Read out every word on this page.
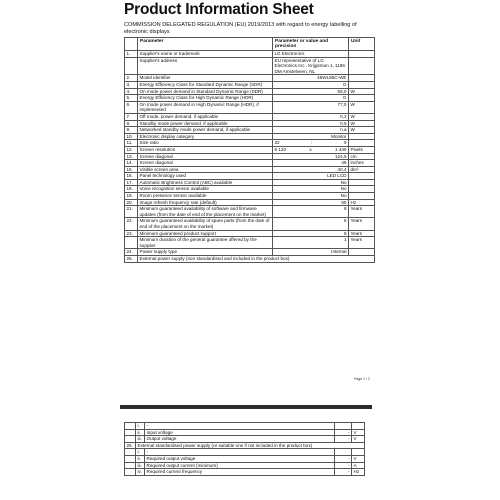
Product Information Sheet
COMMISSION DELEGATED REGULATION (EU) 2019/2013 with regard to energy labelling of electronic displays
	Parameter	Parameter or value and precision	Unit
1.	Supplier's name or trademark	LG Electronics	
	Supplier's address	EU representative of LG Electronics Inc., Krijgsman 1, 1186 DM Amstelveen, NL	
2.	Model identifier	45WL95C-WE	
3.	Energy Efficiency Class for Standard Dynamic Range (SDR)	G	
4.	On mode power demand in Standard Dynamic Range (SDR)	55,0	W
5.	Energy Efficiency Class for High Dynamic Range (HDR)	G	
6.	On mode power demand in High Dynamic Range (HDR), if implemented	77,0	W
7.	Off mode, power demand, if applicable	0,3	W
8.	Standby mode power demand, if applicable	0,5	W
9.	Networked standby mode power demand, if applicable	n.a	W
10.	Electronic display category	Monitor	
11.	Size ratio	32 : 9	

12.	Screen resolution	5 120 x 1 440	Pixels
13.	Screen diagonal	124,5	cm
14.	Screen diagonal	49	inches
15.	Visible screen area	40,4	dm²
16.	Panel technology used	LED LCD	
17.	Automatic Brightness Control (ABC) available	No	
18.	Voice recognition sensor available	No	
19.	Room presence sensor available	No	
20.	Image refresh frequency rate (default)	60	Hz
21.	Minimum guaranteed availability of software and firmware updates (from the date of end of the placement on the market)	8	Years
22.	Minimum guaranteed availability of spare parts (from the date of end of the placement on the market)	8	Years
23.	Minimum guaranteed product support	8	Years
	Minimum duration of the general guarantee offered by the supplier	1	Years
24.	Power supply type	Internal	
25.	External power supply (non standardised and included in the product box)		
Page 1 / 2
	i.	-		
	ii.	Input voltage	-	V
	iii.	Output voltage	-	V
26.	External standardised power supply (or suitable one if not included in the product box)			
	i.	-		
	ii.	Required output voltage	-	V
	iii.	Required output current (minimum)	-	A
	iv.	Required current frequency	-	Hz
